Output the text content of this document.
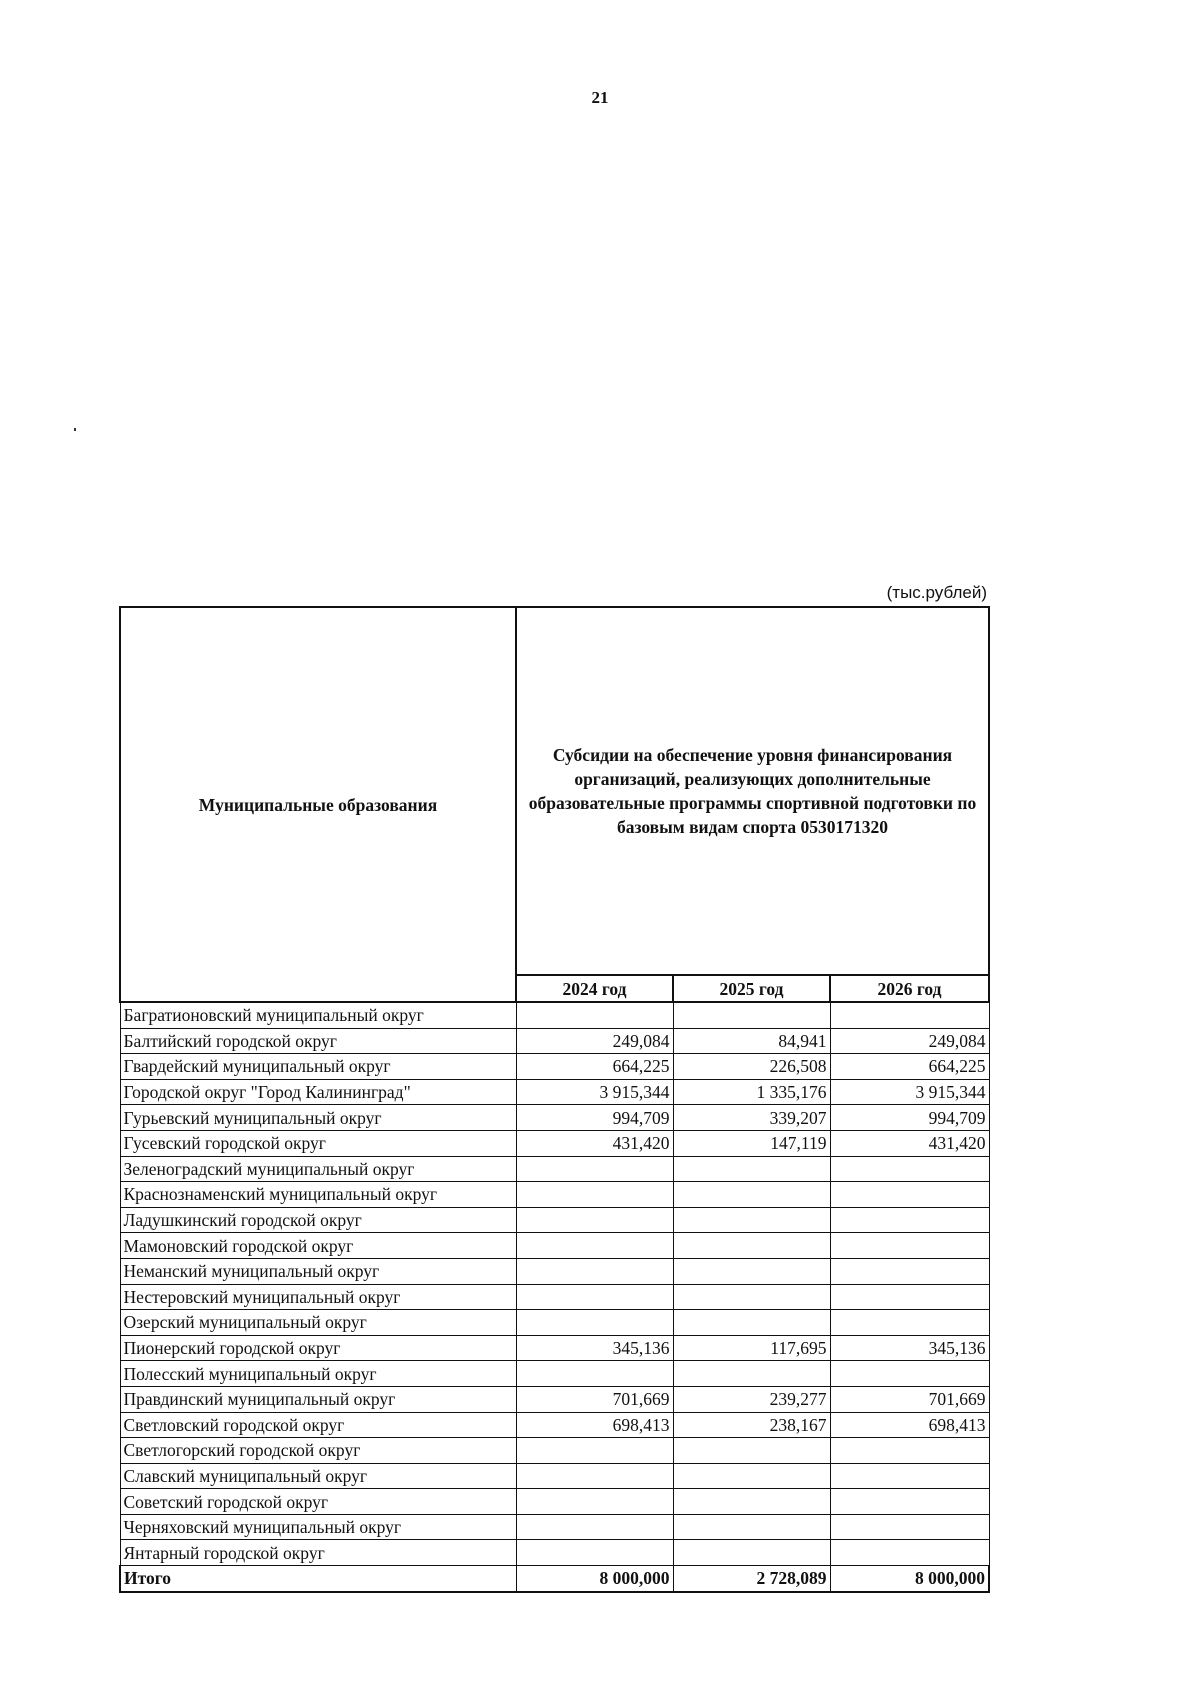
21
(тыс.рублей)
Муниципальные образования	Субсидии на обеспечение уровня финансирования организаций, реализующих дополнительные образовательные программы спортивной подготовки по базовым видам спорта 0530171320		
	2024 год	2025 год	2026 год
Багратионовский муниципальный округ			
Балтийский городской округ	249,084	84,941	249,084
Гвардейский муниципальный округ	664,225	226,508	664,225
Городской округ "Город Калининград"	3 915,344	1 335,176	3 915,344
Гурьевский муниципальный округ	994,709	339,207	994,709
Гусевский городской округ	431,420	147,119	431,420
Зеленоградский муниципальный округ			
Краснознаменский муниципальный округ			
Ладушкинский городской округ			
Мамоновский городской округ			
Неманский муниципальный округ			
Нестеровский муниципальный округ			
Озерский муниципальный округ			
Пионерский городской округ	345,136	117,695	345,136
Полесский муниципальный округ			
Правдинский муниципальный округ	701,669	239,277	701,669
Светловский городской округ	698,413	238,167	698,413
Светлогорский городской округ			
Славский муниципальный округ			
Советский городской округ			
Черняховский муниципальный округ			
Янтарный городской округ			
Итого	8 000,000	2 728,089	8 000,000
